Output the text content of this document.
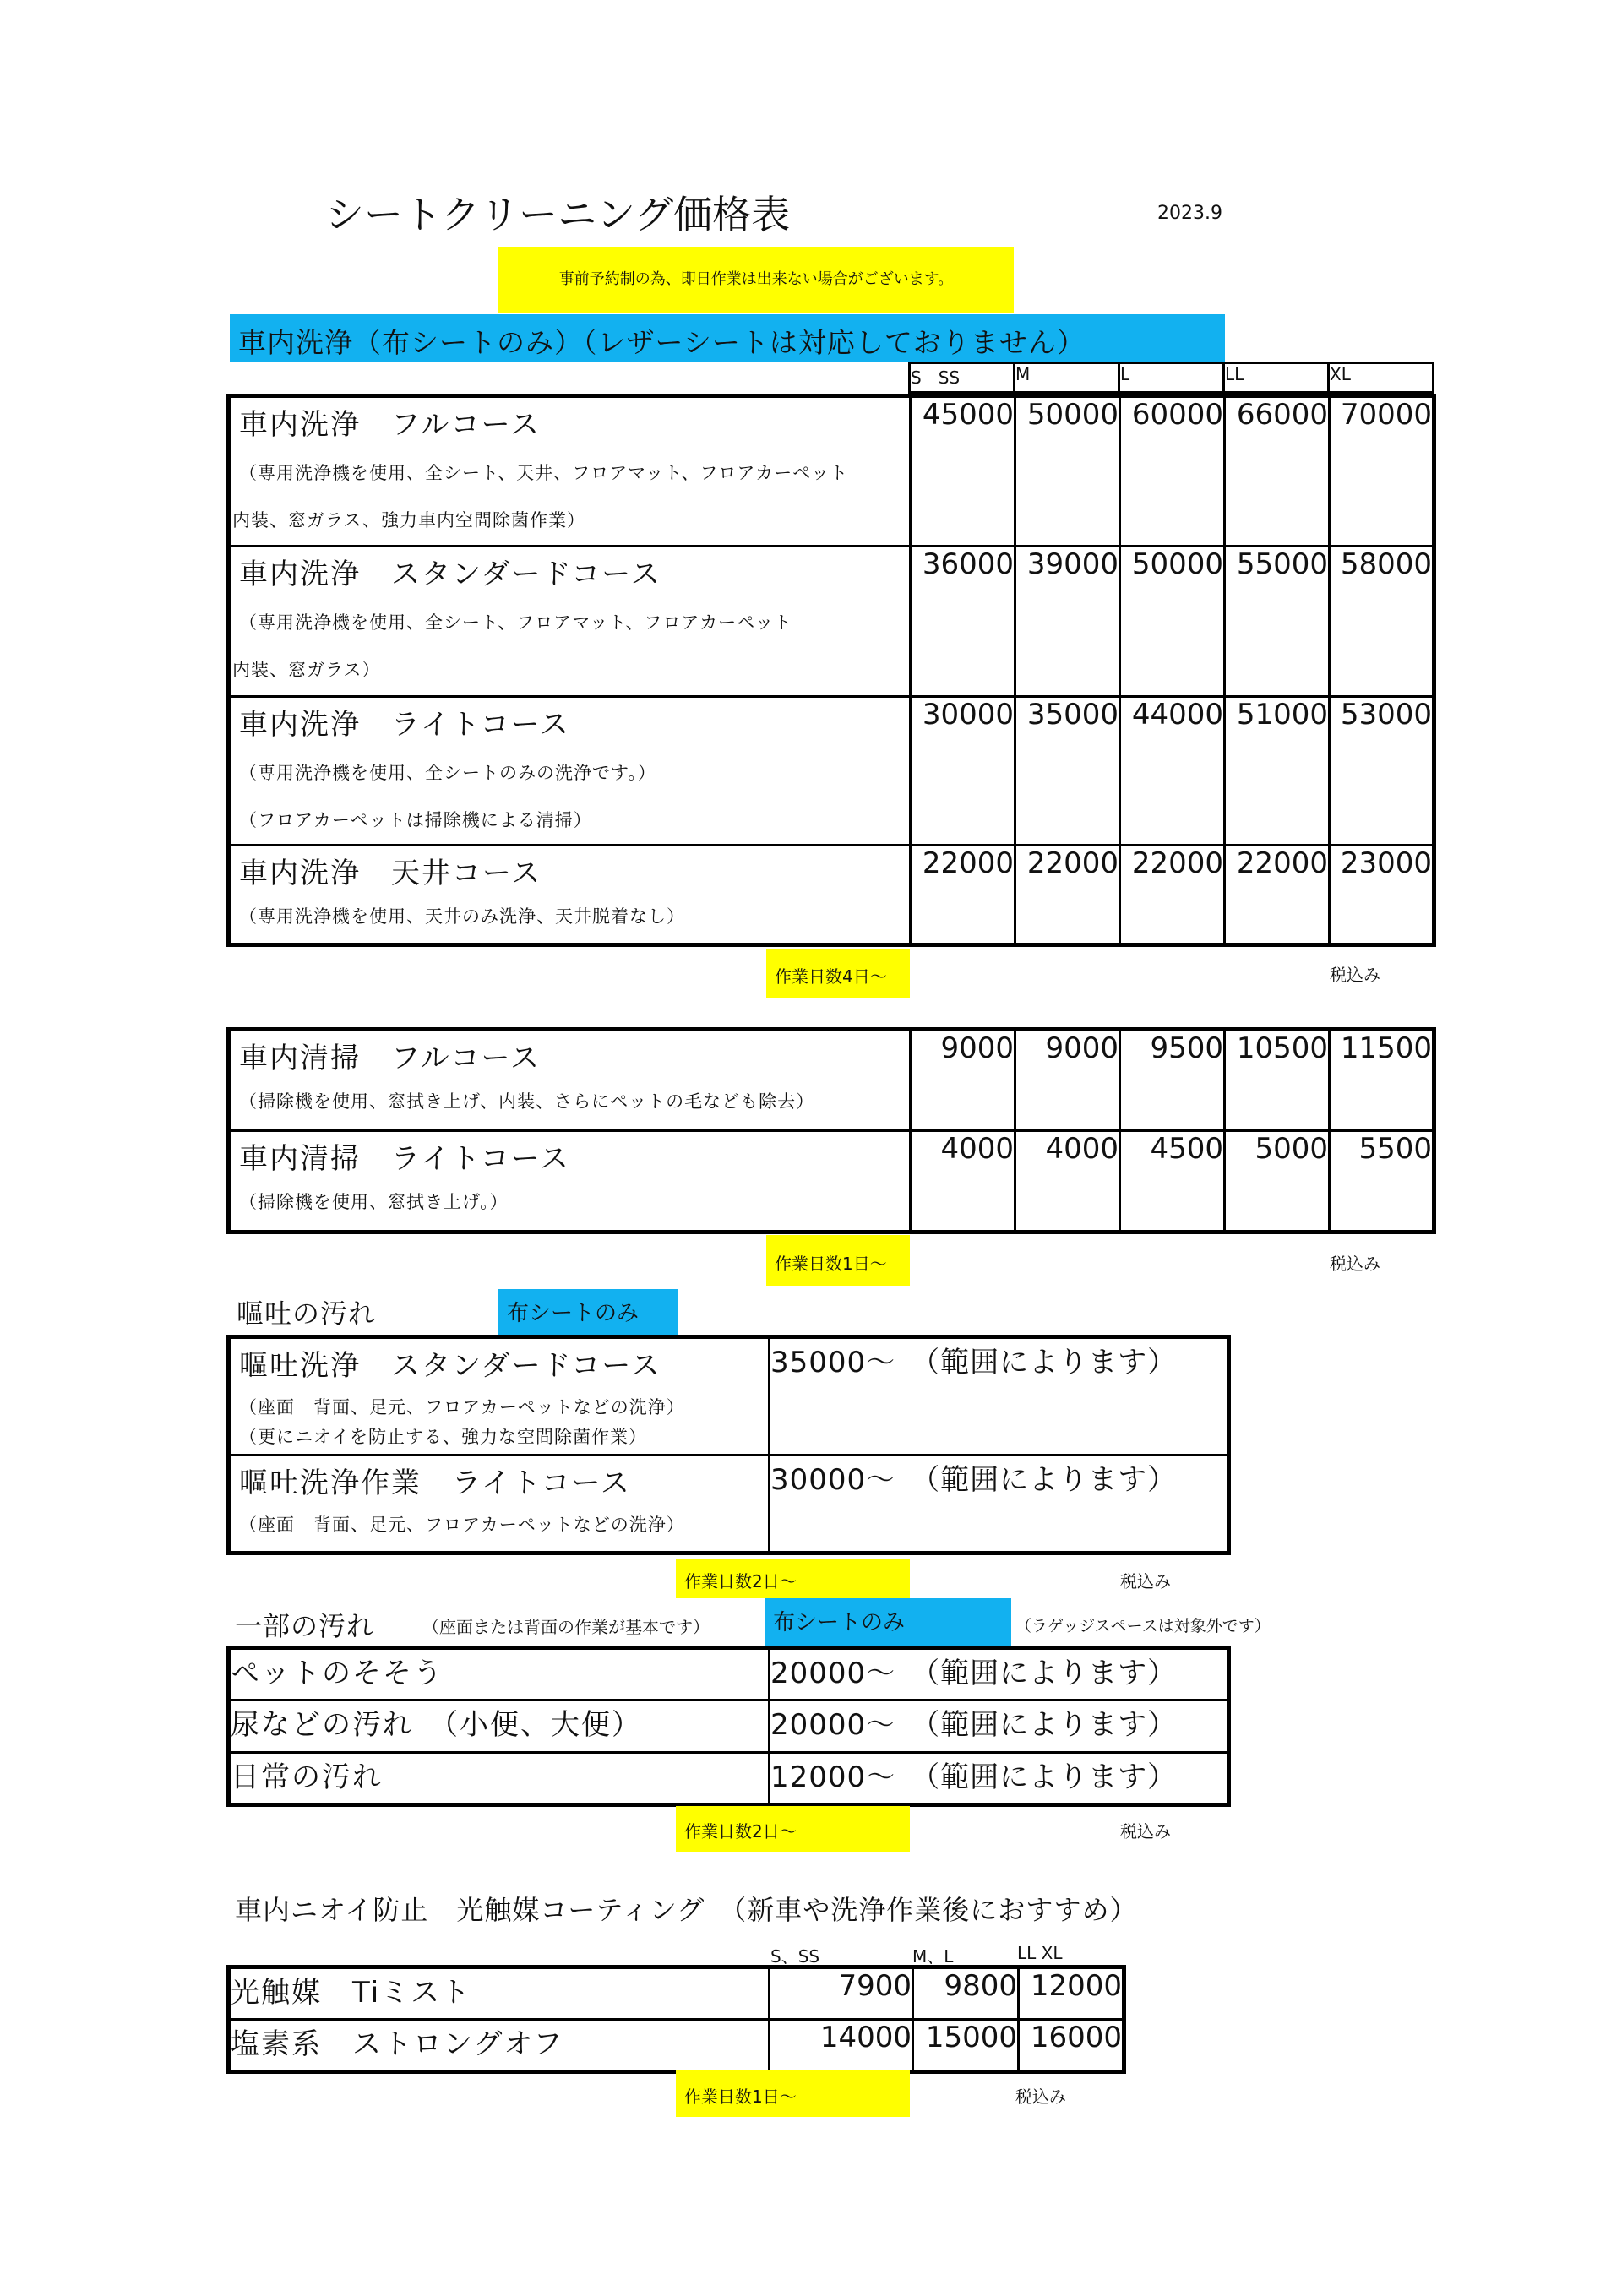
シートクリーニング価格表	2023.9
事前予約制の為、即日作業は出来ない場合がございます。
車内洗浄（布シートのみ）（レザーシートは対応しておりません）
S　SS	M	L	LL	XL
車内洗浄　フルコース
（専用洗浄機を使用、全シート、天井、フロアマット、フロアカーペット
内装、窓ガラス、強力車内空間除菌作業）	45000	50000	60000	66000	70000

車内洗浄　スタンダードコース
（専用洗浄機を使用、全シート、フロアマット、フロアカーペット
内装、窓ガラス）	36000	39000	50000	55000	58000

車内洗浄　ライトコース
（専用洗浄機を使用、全シートのみの洗浄です。）
（フロアカーペットは掃除機による清掃）	30000	35000	44000	51000	53000

車内洗浄　天井コース
（専用洗浄機を使用、天井のみ洗浄、天井脱着なし）	22000	22000	22000	22000	23000
作業日数4日～	税込み
車内清掃　フルコース
（掃除機を使用、窓拭き上げ、内装、さらにペットの毛なども除去）	9000	9000	9500	10500	11500

車内清掃　ライトコース
（掃除機を使用、窓拭き上げ。）	4000	4000	4500	5000	5500
作業日数1日～	税込み
嘔吐の汚れ	布シートのみ
嘔吐洗浄　スタンダードコース
（座面　背面、足元、フロアカーペットなどの洗浄）
（更にニオイを防止する、強力な空間除菌作業）	35000～　（範囲によります）

嘔吐洗浄作業　ライトコース
（座面　背面、足元、フロアカーペットなどの洗浄）	30000～　（範囲によります）
作業日数2日～	税込み
一部の汚れ	（座面または背面の作業が基本です）	布シートのみ	（ラゲッジスペースは対象外です）
ペットのそそう	20000～　（範囲によります）
尿などの汚れ　（小便、大便）	20000～　（範囲によります）
日常の汚れ	12000～　（範囲によります）
作業日数2日～	税込み
車内ニオイ防止　光触媒コーティング　（新車や洗浄作業後におすすめ）
S、SS	M、L	LL XL
光触媒　Tiミスト	7900	9800	12000
塩素系　ストロングオフ	14000	15000	16000
作業日数1日～	税込み
